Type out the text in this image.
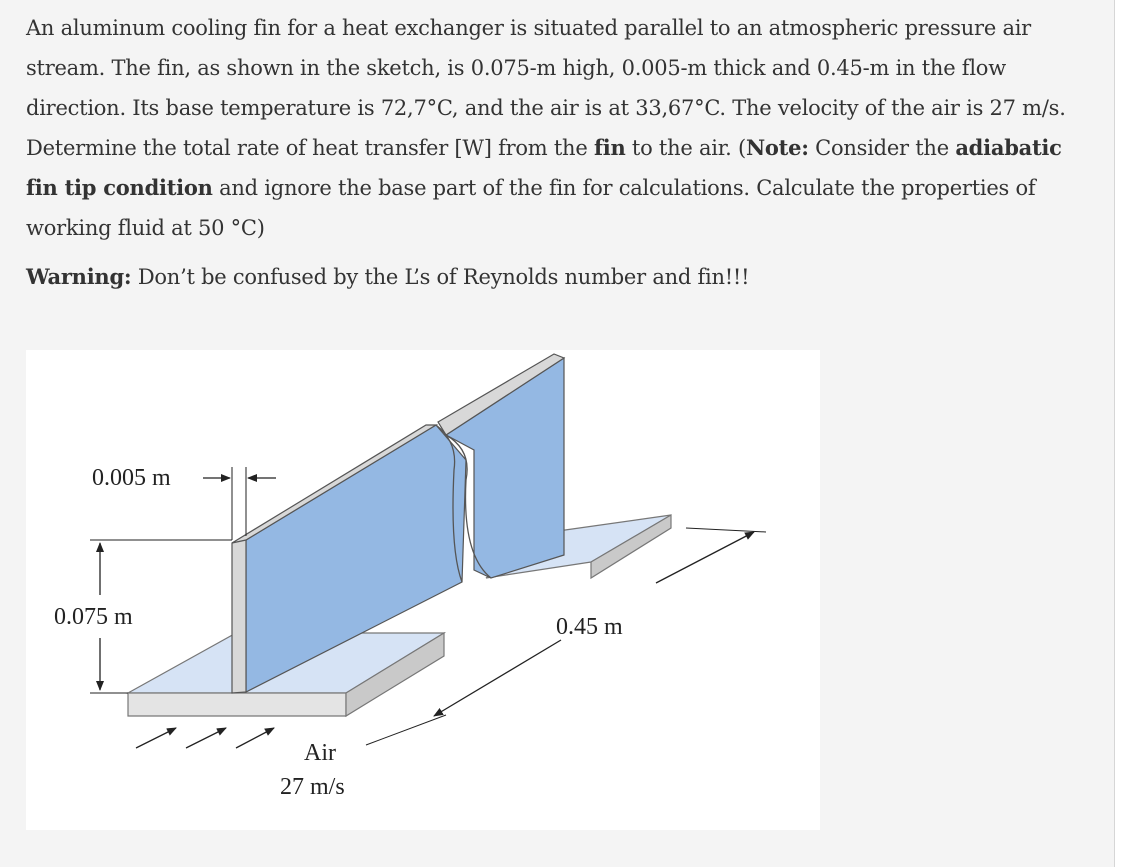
An aluminum cooling fin for a heat exchanger is situated parallel to an atmospheric pressure air stream. The fin, as shown in the sketch, is 0.075-m high, 0.005-m thick and 0.45-m in the flow direction. Its base temperature is 72,7°C, and the air is at 33,67°C. The velocity of the air is 27 m/s. Determine the total rate of heat transfer [W] from the fin to the air. (Note: Consider the adiabatic fin tip condition and ignore the base part of the fin for calculations. Calculate the properties of working fluid at 50 °C)

Warning: Don’t be confused by the L’s of Reynolds number and fin!!!

0.005 m
0.075 m	0.45 m
Air
27 m/s
